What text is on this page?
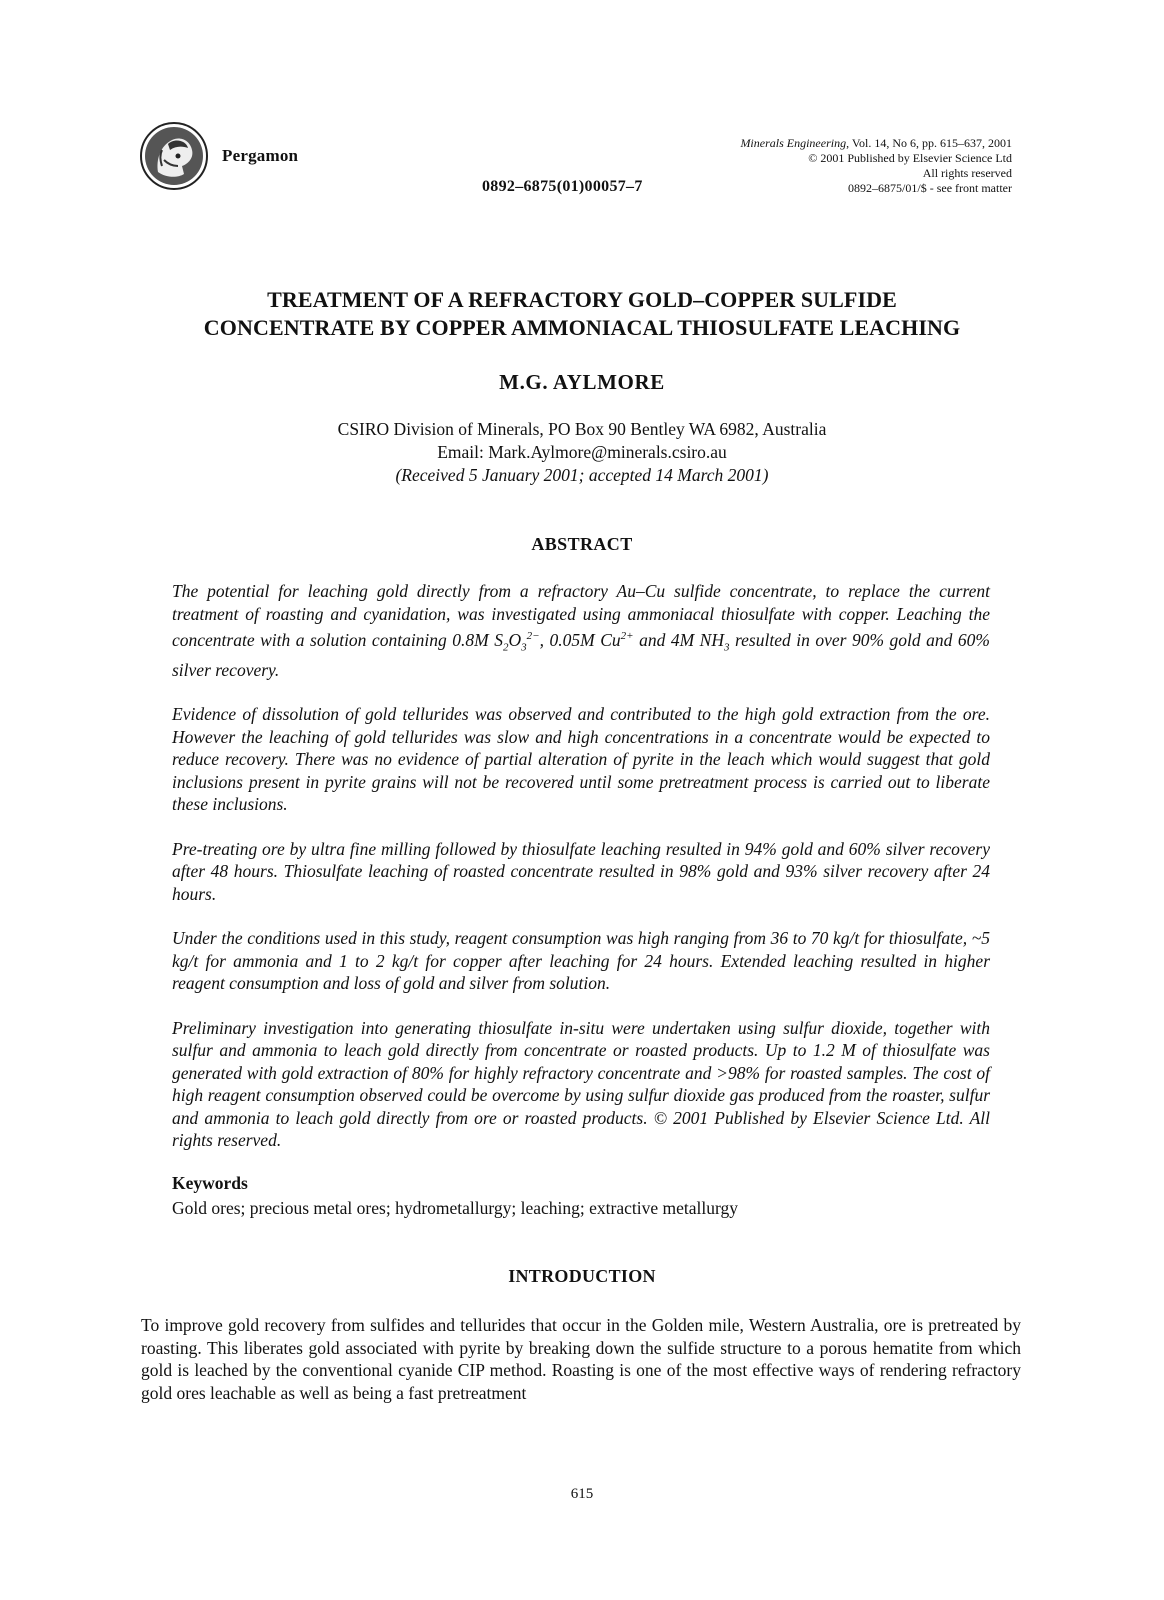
Pergamon
0892–6875(01)00057–7
Minerals Engineering, Vol. 14, No 6, pp. 615–637, 2001
© 2001 Published by Elsevier Science Ltd
All rights reserved
0892–6875/01/$ - see front matter
TREATMENT OF A REFRACTORY GOLD–COPPER SULFIDE
CONCENTRATE BY COPPER AMMONIACAL THIOSULFATE LEACHING
M.G. AYLMORE
CSIRO Division of Minerals, PO Box 90 Bentley WA 6982, Australia
Email: Mark.Aylmore@minerals.csiro.au
(Received 5 January 2001; accepted 14 March 2001)
ABSTRACT

The potential for leaching gold directly from a refractory Au–Cu sulfide concentrate, to replace the current treatment of roasting and cyanidation, was investigated using ammoniacal thiosulfate with copper. Leaching the concentrate with a solution containing 0.8M $S_2O_3^{2-}$, 0.05M $Cu^{2+}$ and 4M $NH_3$ resulted in over 90% gold and 60% silver recovery.

Evidence of dissolution of gold tellurides was observed and contributed to the high gold extraction from the ore. However the leaching of gold tellurides was slow and high concentrations in a concentrate would be expected to reduce recovery. There was no evidence of partial alteration of pyrite in the leach which would suggest that gold inclusions present in pyrite grains will not be recovered until some pretreatment process is carried out to liberate these inclusions.

Pre-treating ore by ultra fine milling followed by thiosulfate leaching resulted in 94% gold and 60% silver recovery after 48 hours. Thiosulfate leaching of roasted concentrate resulted in 98% gold and 93% silver recovery after 24 hours.

Under the conditions used in this study, reagent consumption was high ranging from 36 to 70 kg/t for thiosulfate, ~5 kg/t for ammonia and 1 to 2 kg/t for copper after leaching for 24 hours. Extended leaching resulted in higher reagent consumption and loss of gold and silver from solution.

Preliminary investigation into generating thiosulfate in-situ were undertaken using sulfur dioxide, together with sulfur and ammonia to leach gold directly from concentrate or roasted products. Up to 1.2 M of thiosulfate was generated with gold extraction of 80% for highly refractory concentrate and >98% for roasted samples. The cost of high reagent consumption observed could be overcome by using sulfur dioxide gas produced from the roaster, sulfur and ammonia to leach gold directly from ore or roasted products. © 2001 Published by Elsevier Science Ltd. All rights reserved.

Keywords
Gold ores; precious metal ores; hydrometallurgy; leaching; extractive metallurgy
INTRODUCTION

To improve gold recovery from sulfides and tellurides that occur in the Golden mile, Western Australia, ore is pretreated by roasting. This liberates gold associated with pyrite by breaking down the sulfide structure to a porous hematite from which gold is leached by the conventional cyanide CIP method. Roasting is one of the most effective ways of rendering refractory gold ores leachable as well as being a fast pretreatment

615
